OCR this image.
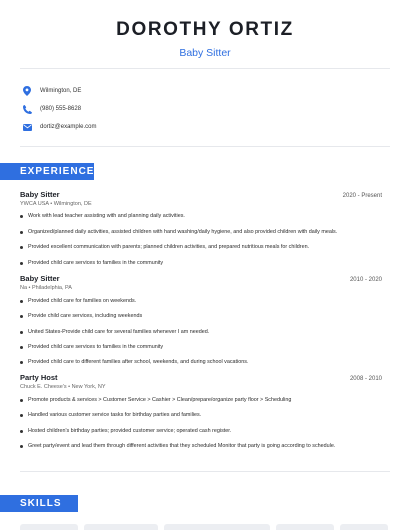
DOROTHY ORTIZ
Baby Sitter
Wilmington, DE
(980) 555-8628
dortiz@example.com
EXPERIENCE
Baby Sitter	2020 - Present
YWCA USA • Wilmington, DE
Work with lead teacher assisting with and planning daily activities.
Organized/planned daily activities, assisted children with hand washing/daily hygiene, and also provided children with daily meals.
Provided excellent communication with parents; planned children activities, and prepared nutritious meals for children.
Provided child care services to families in the community
Baby Sitter	2010 - 2020
Na • Philadelphia, PA
Provided child care for families on weekends.
Provide child care services, including weekends
United States-Provide child care for several families whenever I am needed.
Provided child care services to families in the community
Provided child care to different families after school, weekends, and during school vacations.
Party Host	2008 - 2010
Chuck E. Cheese's • New York, NY
Promote products & services > Customer Service > Cashier > Clean/prepare/organize party floor > Scheduling
Handled various customer service tasks for birthday parties and families.
Hosted children's birthday parties; provided customer service; operated cash register.
Greet party/event and lead them through different activities that they scheduled Monitor that party is going according to schedule.
SKILLS
